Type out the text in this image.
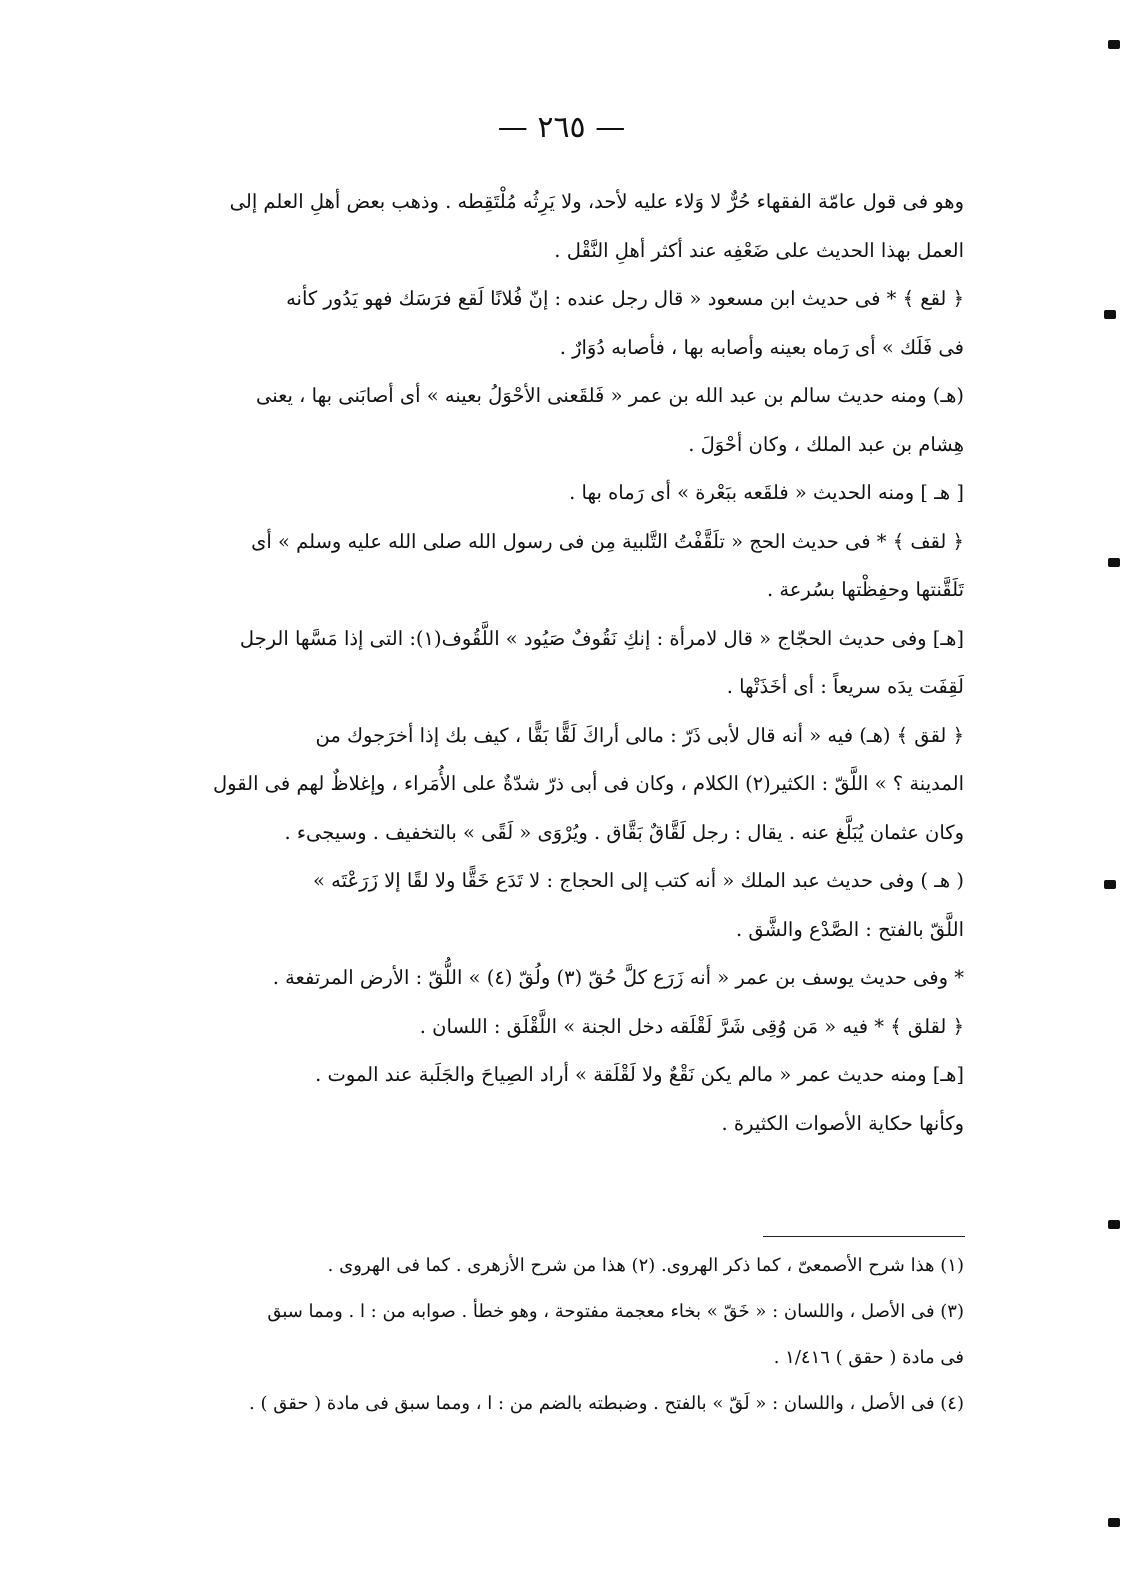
— ٢٦٥ —
وهو فى قول عامّة الفقهاء حُرٌّ لا وَلاء عليه لأحد، ولا يَرِثُه مُلْتَقِطه . وذهب بعض أهلِ العلم إلى
العمل بهذا الحديث على ضَعْفِه عند أكثر أهلِ النَّقْل .
﴿ لقع ﴾ * فى حديث ابن مسعود « قال رجل عنده : إنّ فُلانًا لَقع فرَسَك فهو يَدُور كأنه
فى فَلَك » أى رَماه بعينه وأصابه بها ، فأصابه دُوَارٌ .
(هـ) ومنه حديث سالم بن عبد الله بن عمر « فَلقَعنى الأحْوَلُ بعينه » أى أصابَنى بها ، يعنى
هِشام بن عبد الملك ، وكان أحْوَلَ .
[ هـ ] ومنه الحديث « فلقَعه ببَعْرة » أى رَماه بها .
﴿ لقف ﴾ * فى حديث الحج « تلَقَّفْتُ التَّلبية مِن فى رسول الله صلى الله عليه وسلم » أى
تَلَقَّنتها وحفِظْتها بسُرعة .
[هـ] وفى حديث الحجّاج « قال لامرأة : إنكِ نَقُوفٌ صَيُود » اللَّقُوف(١): التى إذا مَسَّها الرجل
لَقِفَت يدَه سريعاً : أى أخَذَتْها .
﴿ لقق ﴾ (هـ) فيه « أنه قال لأبى ذَرّ : مالى أراكَ لَقًّا بَقًّا ، كيف بك إذا أخرَجوك من
المدينة ؟ » اللَّقّ : الكثير(٢) الكلام ، وكان فى أبى ذرّ شدّةٌ على الأُمَراء ، وإغلاظٌ لهم فى القول
وكان عثمان يُبَلَّغ عنه . يقال : رجل لَقَّاقٌ بَقَّاق . ويُرْوَى « لَقًى » بالتخفيف . وسيجىء .
( هـ ) وفى حديث عبد الملك « أنه كتب إلى الحجاج : لا تَدَع خَقًّا ولا لقًا إلا زَرَعْتَه »
اللَّقّ بالفتح : الصَّدْع والشَّق .
* وفى حديث يوسف بن عمر « أنه زَرَع كلَّ حُقّ (٣) ولُقّ (٤) » اللُّقّ : الأرض المرتفعة .
﴿ لقلق ﴾ * فيه « مَن وُقِى شَرَّ لَقْلَقه دخل الجنة » اللَّقْلَق : اللسان .
[هـ] ومنه حديث عمر « مالم يكن نَقْعٌ ولا لَقْلَقة » أراد الصِياحَ والجَلَبة عند الموت .
وكأنها حكاية الأصوات الكثيرة .
(١) هذا شرح الأصمعىّ ، كما ذكر الهروى. (٢) هذا من شرح الأزهرى . كما فى الهروى .
(٣) فى الأصل ، واللسان : « خَقّ » بخاء معجمة مفتوحة ، وهو خطأ . صوابه من : ا . ومما سبق
فى مادة ( حقق ) ١/٤١٦ .
(٤) فى الأصل ، واللسان : « لَقّ » بالفتح . وضبطته بالضم من : ا ، ومما سبق فى مادة ( حقق ) .
